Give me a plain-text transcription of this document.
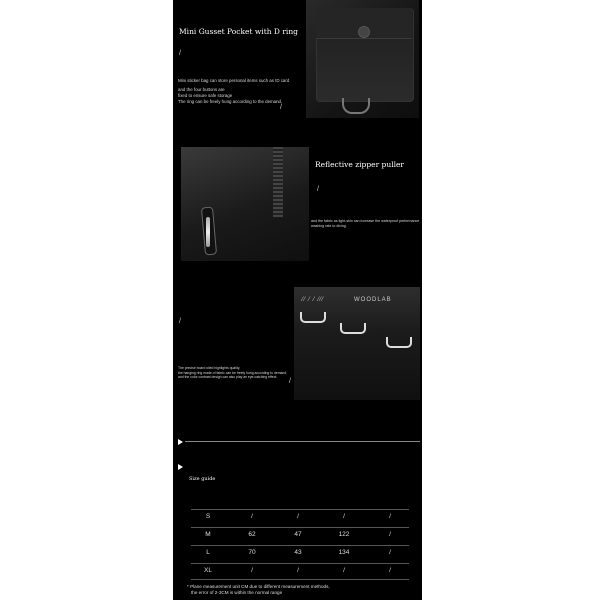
Mini Gusset Pocket with D ring
/
Mini sticker bag can store personal items such as ID card
and the four buttons are
fixed to ensure safe storage
The ring can be freely hung according to the demand.
/
Reflective zipper puller
/
and the fabric as light-skin can increase the waterproof performance
washing rate to diving.
⁄⁄ ⁄ ⁄ ⁄⁄⁄	WOODLAB
/
The precise board oiled highlights quality,
the hanging ring made of fabric can be freely hung according to demand,
and the color contrast design can also play an eye-catching effect.
/
Size guide
S	/	/	/	/
M	62	47	122	/
L	70	43	134	/
XL	/	/	/	/
* Plane measurement unit CM due to different measurement methods,
the error of 2-3CM is within the normal range
